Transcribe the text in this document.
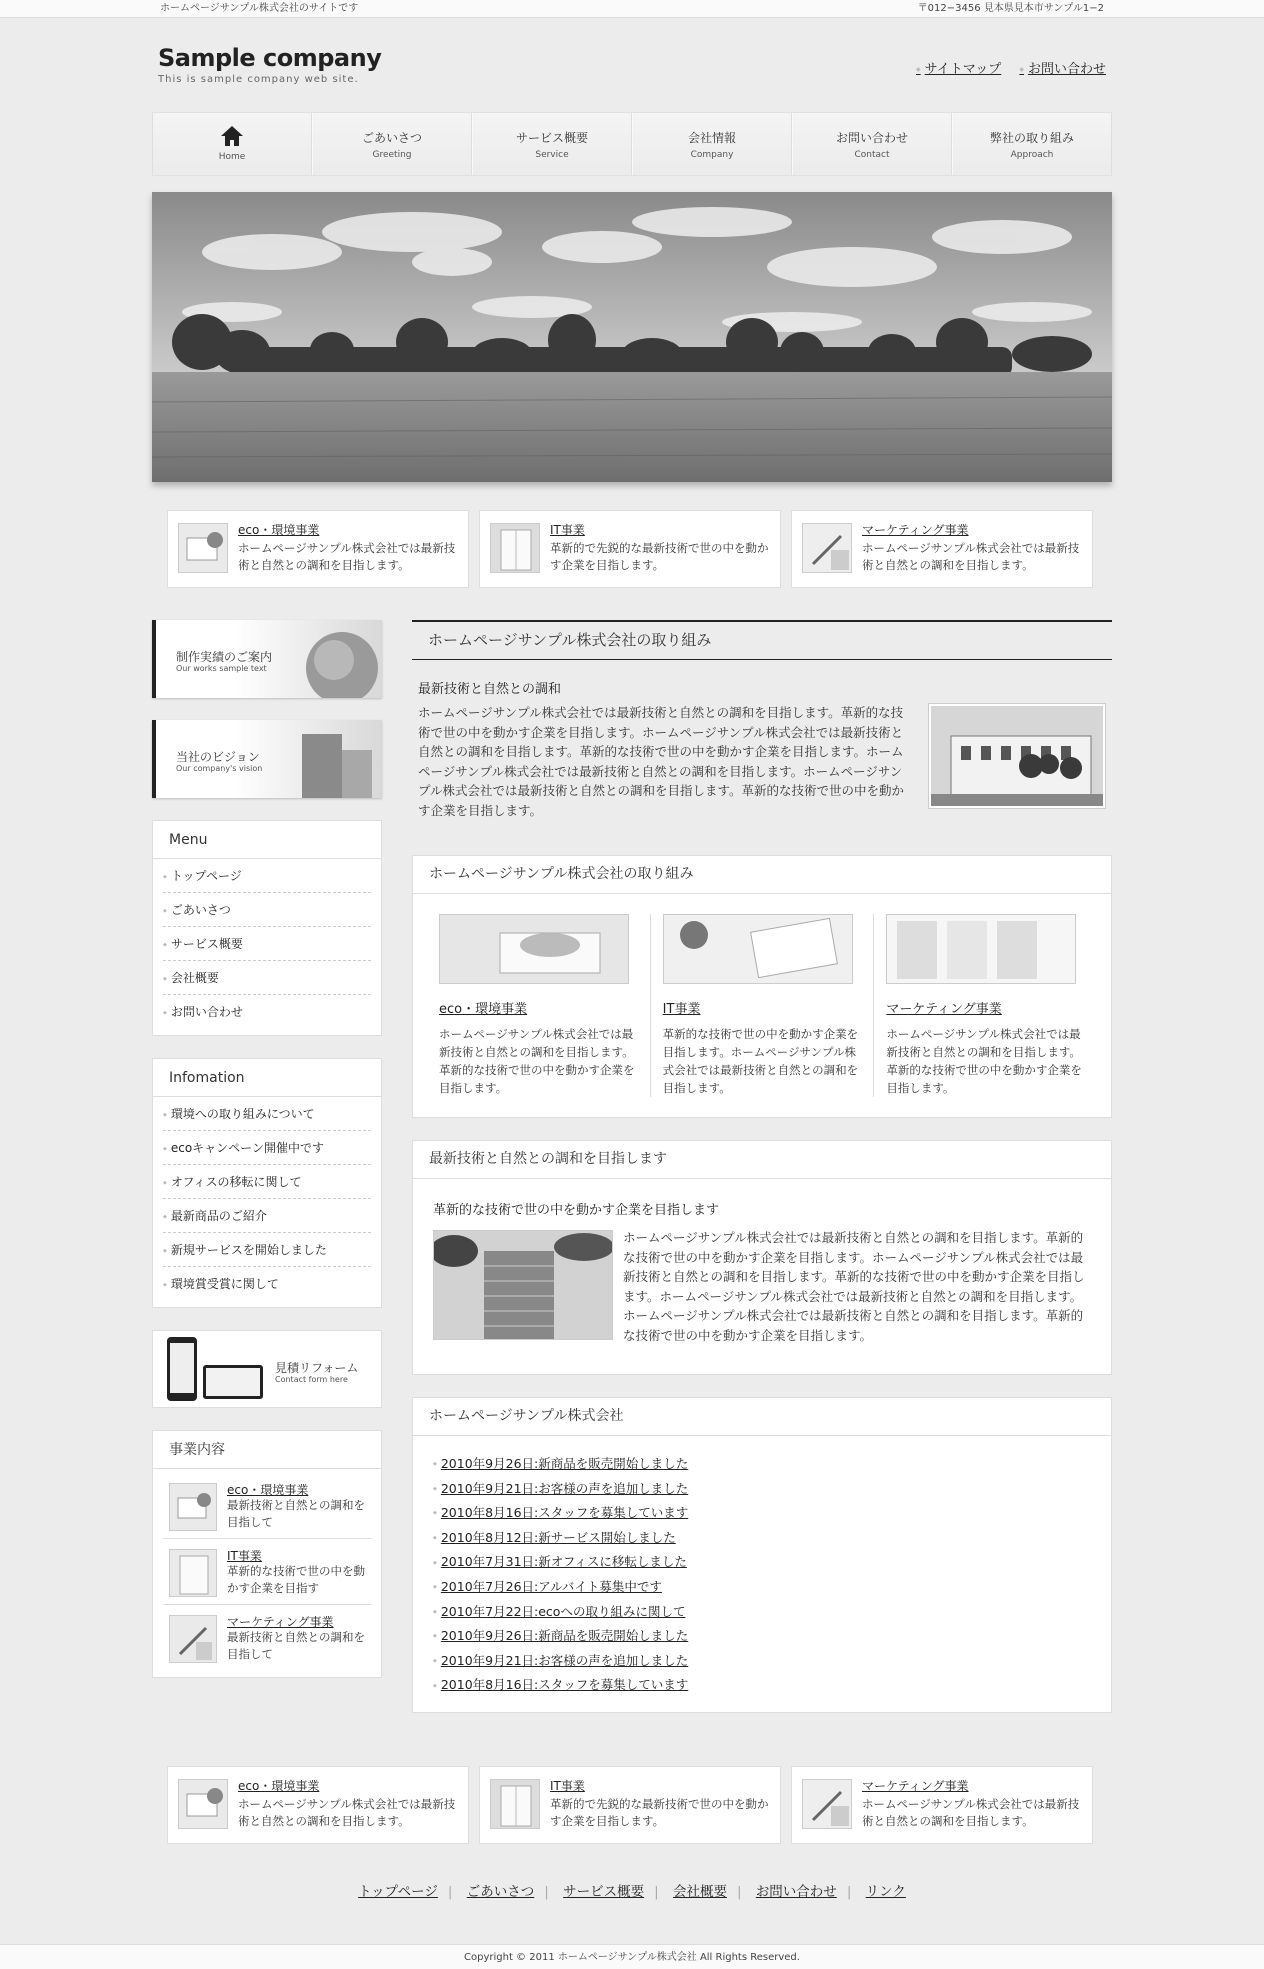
ホームページサンプル株式会社のサイトです	〒012−3456 見本県見本市サンプル1−2
Sample company
This is sample company web site.
◆ サイトマップ ◆ お問い合わせ
Home
ごあいさつ
Greeting
サービス概要
Service
会社情報
Company
お問い合わせ
Contact
弊社の取り組み
Approach
eco・環境事業
ホームページサンプル株式会社では最新技術と自然との調和を目指します。
IT事業
革新的で先鋭的な最新技術で世の中を動かす企業を目指します。
マーケティング事業
ホームページサンプル株式会社では最新技術と自然との調和を目指します。
制作実績のご案内
Our works sample text
当社のビジョン
Our company's vision
Menu
◆ トップページ
◆ ごあいさつ
◆ サービス概要
◆ 会社概要
◆ お問い合わせ
Infomation
◆ 環境への取り組みについて
◆ ecoキャンペーン開催中です
◆ オフィスの移転に関して
◆ 最新商品のご紹介
◆ 新規サービスを開始しました
◆ 環境賞受賞に関して
見積リフォーム
Contact form here
事業内容
eco・環境事業
最新技術と自然との調和を目指して
IT事業
革新的な技術で世の中を動かす企業を目指す
マーケティング事業
最新技術と自然との調和を目指して
ホームページサンプル株式会社の取り組み
最新技術と自然との調和
ホームページサンプル株式会社では最新技術と自然との調和を目指します。革新的な技術で世の中を動かす企業を目指します。ホームページサンプル株式会社では最新技術と自然との調和を目指します。革新的な技術で世の中を動かす企業を目指します。ホームページサンプル株式会社では最新技術と自然との調和を目指します。ホームページサンプル株式会社では最新技術と自然との調和を目指します。革新的な技術で世の中を動かす企業を目指します。
ホームページサンプル株式会社の取り組み
eco・環境事業
ホームページサンプル株式会社では最新技術と自然との調和を目指します。革新的な技術で世の中を動かす企業を目指します。
IT事業
革新的な技術で世の中を動かす企業を目指します。ホームページサンプル株式会社では最新技術と自然との調和を目指します。
マーケティング事業
ホームページサンプル株式会社では最新技術と自然との調和を目指します。革新的な技術で世の中を動かす企業を目指します。
最新技術と自然との調和を目指します
革新的な技術で世の中を動かす企業を目指します
ホームページサンプル株式会社では最新技術と自然との調和を目指します。革新的な技術で世の中を動かす企業を目指します。ホームページサンプル株式会社では最新技術と自然との調和を目指します。革新的な技術で世の中を動かす企業を目指します。ホームページサンプル株式会社では最新技術と自然との調和を目指します。ホームページサンプル株式会社では最新技術と自然との調和を目指します。革新的な技術で世の中を動かす企業を目指します。
ホームページサンプル株式会社
◆ 2010年9月26日:新商品を販売開始しました
◆ 2010年9月21日:お客様の声を追加しました
◆ 2010年8月16日:スタッフを募集しています
◆ 2010年8月12日:新サービス開始しました
◆ 2010年7月31日:新オフィスに移転しました
◆ 2010年7月26日:アルバイト募集中です
◆ 2010年7月22日:ecoへの取り組みに関して
◆ 2010年9月26日:新商品を販売開始しました
◆ 2010年9月21日:お客様の声を追加しました
◆ 2010年8月16日:スタッフを募集しています
eco・環境事業
ホームページサンプル株式会社では最新技術と自然との調和を目指します。
IT事業
革新的で先鋭的な最新技術で世の中を動かす企業を目指します。
マーケティング事業
ホームページサンプル株式会社では最新技術と自然との調和を目指します。
トップページ | ごあいさつ | サービス概要 | 会社概要 | お問い合わせ | リンク
Copyright © 2011 ホームページサンプル株式会社 All Rights Reserved.
